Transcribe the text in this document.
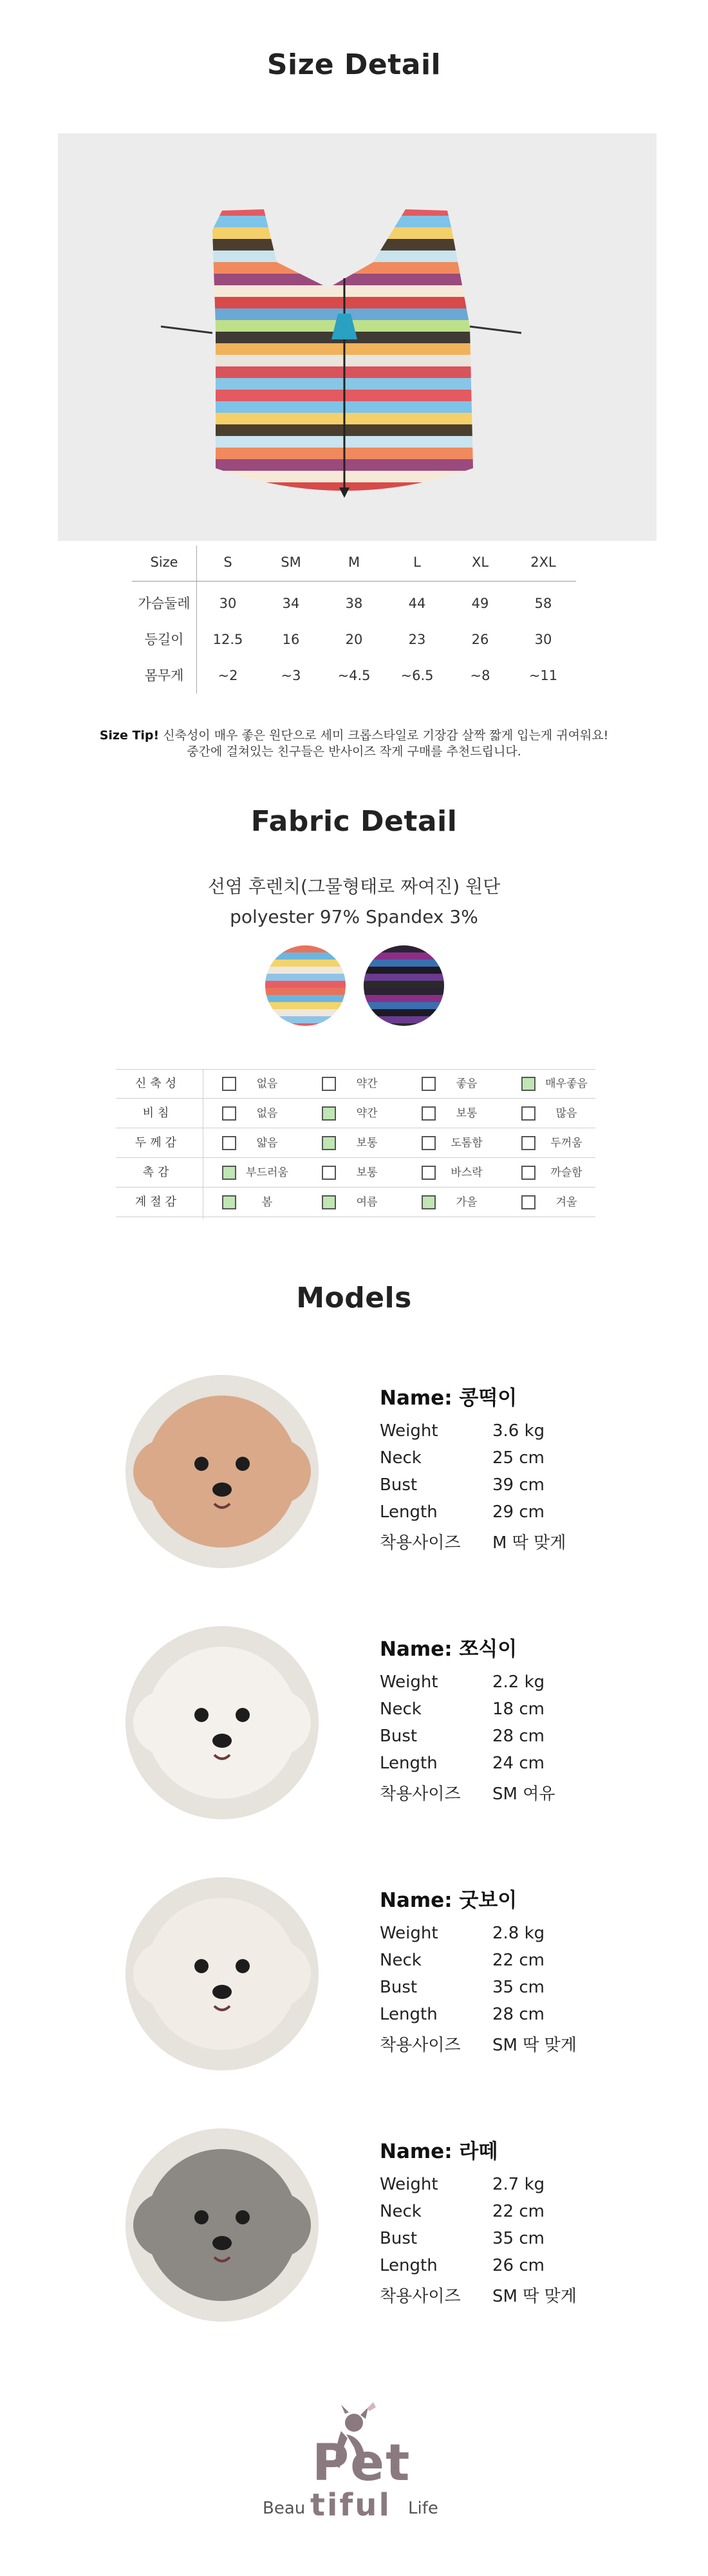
Size Detail
Size	S	SM	M	L	XL	2XL
가슴둘레	30	34	38	44	49	58
등길이	12.5	16	20	23	26	30
몸무게	~2	~3	~4.5	~6.5	~8	~11
Size Tip! 신축성이 매우 좋은 원단으로 세미 크롭스타일로 기장감 살짝 짧게 입는게 귀여워요!
중간에 걸쳐있는 친구들은 반사이즈 작게 구매를 추천드립니다.
Fabric Detail
선염 후렌치(그물형태로 짜여진) 원단
polyester 97% Spandex 3%
신축성	없음	약간	좋음	매우좋음
비침	없음	약간	보통	많음
두께감	얇음	보통	도톰함	두꺼움
촉감	부드러움	보통	바스락	까슬함
계절감	봄	여름	가을	겨울
Models
Name: 콩떡이
Weight	3.6 kg
Neck	25 cm
Bust	39 cm
Length	29 cm
착용사이즈 M 딱 맞게
Name: 쪼식이
Weight	2.2 kg
Neck	18 cm
Bust	28 cm
Length	24 cm
착용사이즈 SM 여유
Name: 굿보이
Weight	2.8 kg
Neck	22 cm
Bust	35 cm
Length	28 cm
착용사이즈 SM 딱 맞게
Name: 라떼
Weight	2.7 kg
Neck	22 cm
Bust	35 cm
Length	26 cm
착용사이즈 SM 딱 맞게
Pet
Beau tiful Life
